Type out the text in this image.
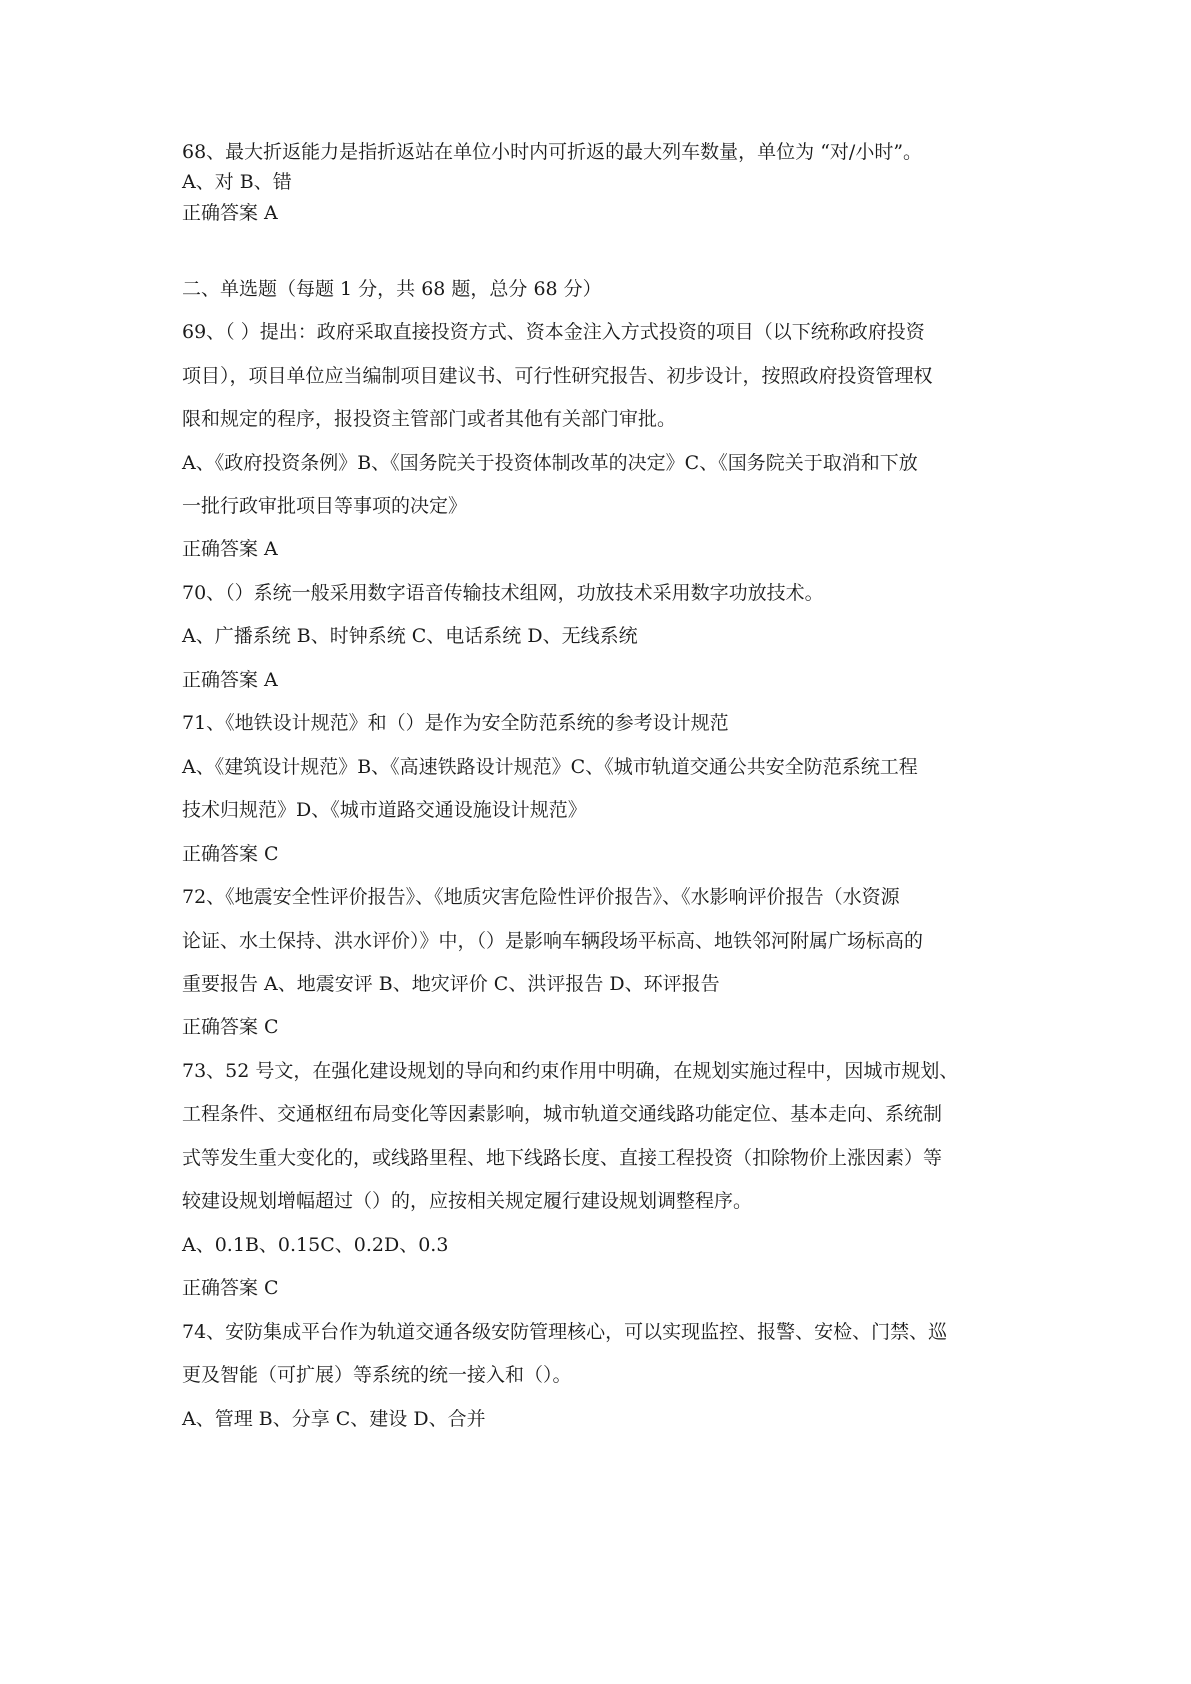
68、最大折返能力是指折返站在单位小时内可折返的最大列车数量，单位为 “对/小时”。
A、对 B、错
正确答案 A
二、单选题（每题 1 分，共 68 题，总分 68 分）
69、（ ）提出：政府采取直接投资方式、资本金注入方式投资的项目（以下统称政府投资
项目），项目单位应当编制项目建议书、可行性研究报告、初步设计，按照政府投资管理权
限和规定的程序，报投资主管部门或者其他有关部门审批。
A、《政府投资条例》B、《国务院关于投资体制改革的决定》C、《国务院关于取消和下放
一批行政审批项目等事项的决定》
正确答案 A
70、（）系统一般采用数字语音传输技术组网，功放技术采用数字功放技术。
A、广播系统 B、时钟系统 C、电话系统 D、无线系统
正确答案 A
71、《地铁设计规范》和（）是作为安全防范系统的参考设计规范
A、《建筑设计规范》B、《高速铁路设计规范》C、《城市轨道交通公共安全防范系统工程
技术归规范》D、《城市道路交通设施设计规范》
正确答案 C
72、《地震安全性评价报告》、《地质灾害危险性评价报告》、《水影响评价报告（水资源
论证、水土保持、洪水评价）》中，（）是影响车辆段场平标高、地铁邻河附属广场标高的
重要报告 A、地震安评 B、地灾评价 C、洪评报告 D、环评报告
正确答案 C
73、52 号文，在强化建设规划的导向和约束作用中明确，在规划实施过程中，因城市规划、
工程条件、交通枢纽布局变化等因素影响，城市轨道交通线路功能定位、基本走向、系统制
式等发生重大变化的，或线路里程、地下线路长度、直接工程投资（扣除物价上涨因素）等
较建设规划增幅超过（）的，应按相关规定履行建设规划调整程序。
A、0.1B、0.15C、0.2D、0.3
正确答案 C
74、安防集成平台作为轨道交通各级安防管理核心，可以实现监控、报警、安检、门禁、巡
更及智能（可扩展）等系统的统一接入和（）。
A、管理 B、分享 C、建设 D、合并
